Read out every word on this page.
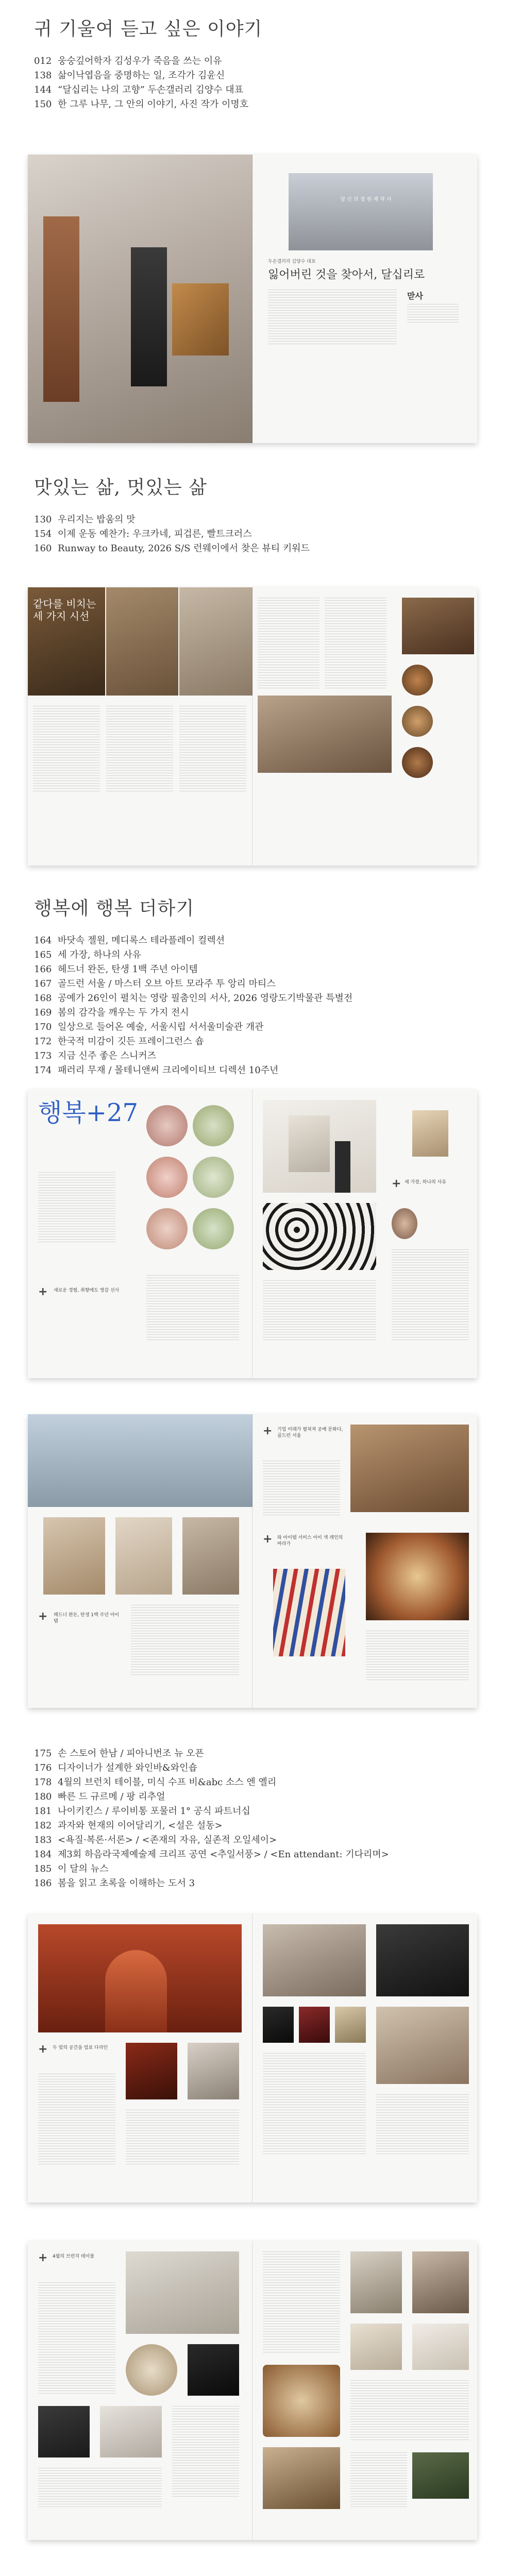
귀 기울여 듣고 싶은 이야기
012 웅숭깊어학자 김성우가 죽음을 쓰는 이유
138 삶이낙엽음을 중명하는 일, 조각가 김윤신
144 “달십리는 나의 고향” 두손갤러리 김양수 대표
150 한 그루 나무, 그 안의 이야기, 사진 작가 이명호
당 신 의 정 원 제 작 사
두손갤러리 김양수 대표
잃어버린 것을 찾아서, 달십리로
맏사
맛있는 삶, 멋있는 삶
130 우리지는 밥움의 맛
154 이제 운동 예찬가: 우크카네, 피겁른, 빨트크러스
160 Runway to Beauty, 2026 S/S 런웨이에서 찾은 뷰티 키워드
같다를 비치는 세 가지 시선
행복에 행복 더하기
164 바닷속 젤원, 메디록스 테라플레이 컬렉션
165 세 가장, 하나의 사유
166 헤드너 완돈, 탄생 1백 주년 아이템
167 골드런 서울 / 마스터 오브 아트 모라주 투 앙리 마티스
168 공예가 26인이 펼치는 영랑 필춤인의 서사, 2026 영랑도기박물관 특별전
169 봄의 감각을 깨우는 두 가지 전시
170 일상으로 들어온 예술, 서울시립 서서울미술관 개관
172 한국적 미감이 깃든 프레이그런스 숍
173 지금 신주 좋은 스니커즈
174 패러리 무재 / 몰테니앤씨 크리에이티브 디렉션 10주년
행복+27
+ 새로운 경험, 취향에도 영감 선사
+ 세 가장, 하나의 사유
+ 헤드너 완돈, 탄생 1백 주년 아이템
+ 기업 미래가 펼쳐져 공예 문화다, 골드런 서울
+ 와 아이템 서비스 아이 색 레인의 바라가
175 손 스토어 한남 / 피아니번조 뉴 오픈
176 디자이너가 설계한 와인바&와인숍
178 4월의 브런치 테이블, 미식 수프 비&abc 소스 엔 옐리
180 빠른 드 규르메 / 팡 리추얼
181 나이키킨스 / 루이비통 포물러 1° 공식 파트너십
182 과자와 현재의 이어달리기, <설은 설동>
183 <욕질·복론·서론> / <존재의 자유, 실존적 오일세이>
184 제3회 하음라국제예술제 크리프 공연 <추일서풍> / <En attendant: 기다리며>
185 이 달의 뉴스
186 봄을 읽고 초록을 이해하는 도서 3
+ 두 빛의 공간을 엄료 다리인
+ 4월의 브런치 테이블
